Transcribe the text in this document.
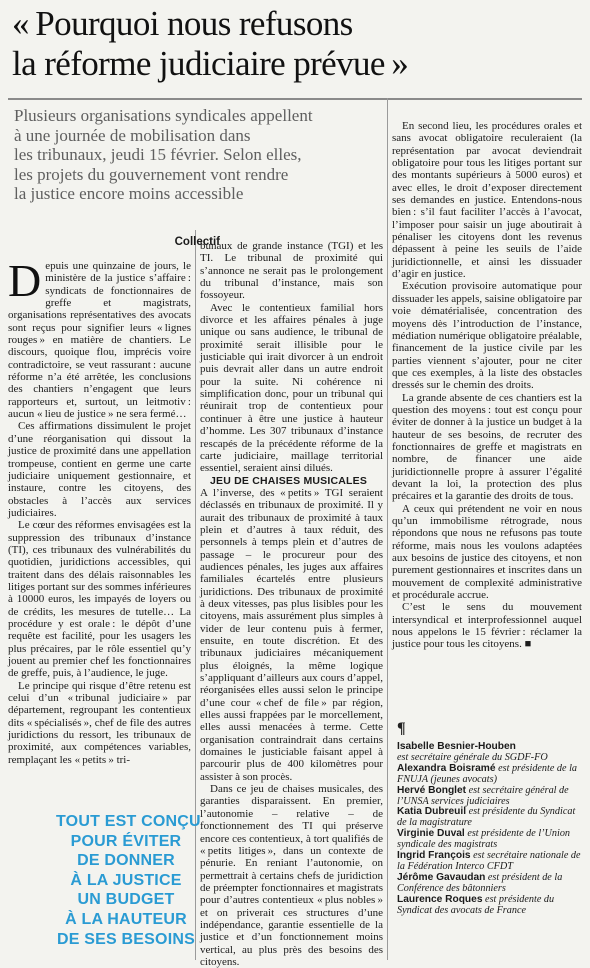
« Pourquoi nous refusons
la réforme judiciaire prévue »

Plusieurs organisations syndicales appellent
à une journée de mobilisation dans
les tribunaux, jeudi 15 février. Selon elles,
les projets du gouvernement vont rendre
la justice encore moins accessible

Collectif

Depuis une quinzaine de jours, le ministère de la justice s’affaire : syndicats de fonctionnaires de greffe et magistrats, organisations représentatives des avocats sont reçus pour signifier leurs « lignes rouges » en matière de chantiers. Le discours, quoique flou, imprécis voire contradictoire, se veut rassurant : aucune réforme n’a été arrêtée, les conclusions des chantiers n’engagent que leurs rapporteurs et, surtout, un leitmotiv : aucun « lieu de justice » ne sera fermé…

Ces affirmations dissimulent le projet d’une réorganisation qui dissout la justice de proximité dans une appellation trompeuse, contient en germe une carte judiciaire uniquement gestionnaire, et instaure, contre les citoyens, des obstacles à l’accès aux services judiciaires.

Le cœur des réformes envisagées est la suppression des tribunaux d’instance (TI), ces tribunaux des vulnérabilités du quotidien, juridictions accessibles, qui traitent dans des délais raisonnables les litiges portant sur des sommes inférieures à 10000 euros, les impayés de loyers ou de crédits, les mesures de tutelle… La procédure y est orale : le dépôt d’une requête est facilité, pour les usagers les plus précaires, par le rôle essentiel qu’y jouent au premier chef les fonctionnaires de greffe, puis, à l’audience, le juge.

Le principe qui risque d’être retenu est celui d’un « tribunal judiciaire » par département, regroupant les contentieux dits « spécialisés », chef de file des autres juridictions du ressort, les tribunaux de proximité, aux compétences variables, remplaçant les « petits » tri-

TOUT EST CONÇU
POUR ÉVITER
DE DONNER
À LA JUSTICE
UN BUDGET
À LA HAUTEUR
DE SES BESOINS

bunaux de grande instance (TGI) et les TI. Le tribunal de proximité qui s’annonce ne serait pas le prolongement du tribunal d’instance, mais son fossoyeur.

Avec le contentieux familial hors divorce et les affaires pénales à juge unique ou sans audience, le tribunal de proximité serait illisible pour le justiciable qui irait divorcer à un endroit puis devrait aller dans un autre endroit pour la suite. Ni cohérence ni simplification donc, pour un tribunal qui réunirait trop de contentieux pour continuer à être une justice à hauteur d’homme. Les 307 tribunaux d’instance rescapés de la précédente réforme de la carte judiciaire, maillage territorial essentiel, seraient ainsi dilués.

JEU DE CHAISES MUSICALES

A l’inverse, des « petits » TGI seraient déclassés en tribunaux de proximité. Il y aurait des tribunaux de proximité à taux plein et d’autres à taux réduit, des personnels à temps plein et d’autres de passage – le procureur pour des audiences pénales, les juges aux affaires familiales écartelés entre plusieurs juridictions. Des tribunaux de proximité à deux vitesses, pas plus lisibles pour les citoyens, mais assurément plus simples à vider de leur contenu puis à fermer, ensuite, en toute discrétion. Et des tribunaux judiciaires mécaniquement plus éloignés, la même logique s’appliquant d’ailleurs aux cours d’appel, réorganisées elles aussi selon le principe d’une cour « chef de file » par région, elles aussi frappées par le morcellement, elles aussi menacées à terme. Cette organisation contraindrait dans certains domaines le justiciable faisant appel à parcourir plus de 400 kilomètres pour assister à son procès.

Dans ce jeu de chaises musicales, des garanties disparaissent. En premier, l’autonomie – relative – de fonctionnement des TI qui préserve encore ces contentieux, à tort qualifiés de « petits litiges », dans un contexte de pénurie. En reniant l’autonomie, on permettrait à certains chefs de juridiction de préempter fonctionnaires et magistrats pour d’autres contentieux « plus nobles » et on priverait ces structures d’une indépendance, garantie essentielle de la justice et d’un fonctionnement moins vertical, au plus près des besoins des citoyens.

En second lieu, les procédures orales et sans avocat obligatoire reculeraient (la représentation par avocat deviendrait obligatoire pour tous les litiges portant sur des montants supérieurs à 5000 euros) et avec elles, le droit d’exposer directement ses demandes en justice. Entendons-nous bien : s’il faut faciliter l’accès à l’avocat, l’imposer pour saisir un juge aboutirait à pénaliser les citoyens dont les revenus dépassent à peine les seuils de l’aide juridictionnelle, et ainsi les dissuader d’agir en justice.

Exécution provisoire automatique pour dissuader les appels, saisine obligatoire par voie dématérialisée, concentration des moyens dès l’introduction de l’instance, médiation numérique obligatoire préalable, financement de la justice civile par les parties viennent s’ajouter, pour ne citer que ces exemples, à la liste des obstacles dressés sur le chemin des droits.

La grande absente de ces chantiers est la question des moyens : tout est conçu pour éviter de donner à la justice un budget à la hauteur de ses besoins, de recruter des fonctionnaires de greffe et magistrats en nombre, de financer une aide juridictionnelle propre à assurer l’égalité devant la loi, la protection des plus précaires et la garantie des droits de tous.

A ceux qui prétendent ne voir en nous qu’un immobilisme rétrograde, nous répondons que nous ne refusons pas toute réforme, mais nous les voulons adaptées aux besoins de justice des citoyens, et non purement gestionnaires et inscrites dans un mouvement de complexité administrative et procédurale accrue.

C’est le sens du mouvement intersyndical et interprofessionnel auquel nous appelons le 15 février : réclamer la justice pour tous les citoyens. ■

¶

Isabelle Besnier-Houben
est secrétaire générale du SGDF-FO

Alexandra Boisramé est présidente de la FNUJA (jeunes avocats)

Hervé Bonglet est secrétaire général de l’UNSA services judiciaires

Katia Dubreuil est présidente du Syndicat de la magistrature

Virginie Duval est présidente de l’Union syndicale des magistrats

Ingrid François est secrétaire nationale de la Fédération Interco CFDT

Jérôme Gavaudan est président de la Conférence des bâtonniers

Laurence Roques est présidente du Syndicat des avocats de France
